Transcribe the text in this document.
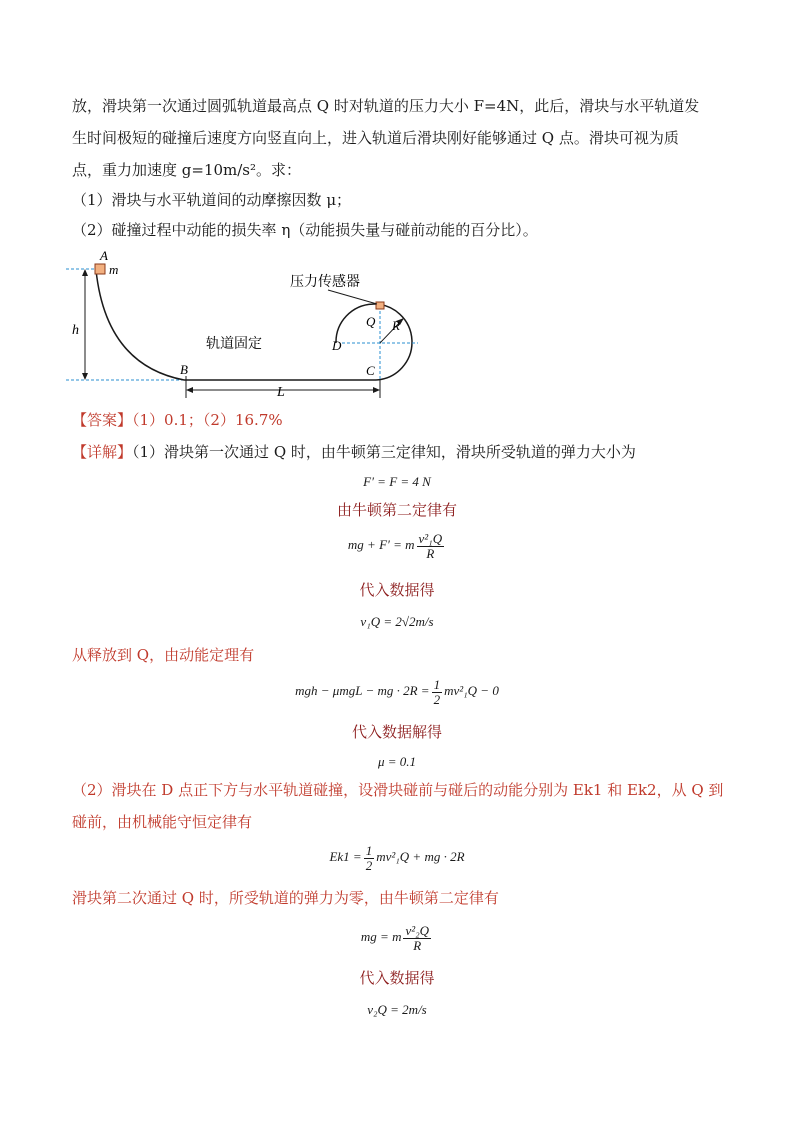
放，滑块第一次通过圆弧轨道最高点 Q 时对轨道的压力大小 F=4N，此后，滑块与水平轨道发
生时间极短的碰撞后速度方向竖直向上，进入轨道后滑块刚好能够通过 Q 点。滑块可视为质
点，重力加速度 g=10m/s²。求：
（1）滑块与水平轨道间的动摩擦因数 μ；
（2）碰撞过程中动能的损失率 η（动能损失量与碰前动能的百分比）。
h
A
m
B
轨道固定
L
R
压力传感器
Q
D
C
【答案】（1）0.1；（2）16.7%
【详解】（1）滑块第一次通过 Q 时，由牛顿第三定律知，滑块所受轨道的弹力大小为
F′ = F = 4 N
由牛顿第二定律有
mg + F′ = m $\frac{\text{v²₁Q}}{R}$
代入数据得
v₁Q = 2√2m/s
从释放到 Q，由动能定理有
mgh − μmgL − mg · $2R = \frac{1}{2} mv^2_1Q - 0$
代入数据解得
μ = 0.1
（2）滑块在 D 点正下方与水平轨道碰撞，设滑块碰前与碰后的动能分别为 Ek1 和 Ek2，从 Q 到
碰前，由机械能守恒定律有
$Ek1 = \frac{1}{2} mv^2_1Q$ + mg · 2R
滑块第二次通过 Q 时，所受轨道的弹力为零，由牛顿第二定律有
mg = m $\frac{\text{v²₂Q}}{R}$
代入数据得
v₂Q = 2m/s
